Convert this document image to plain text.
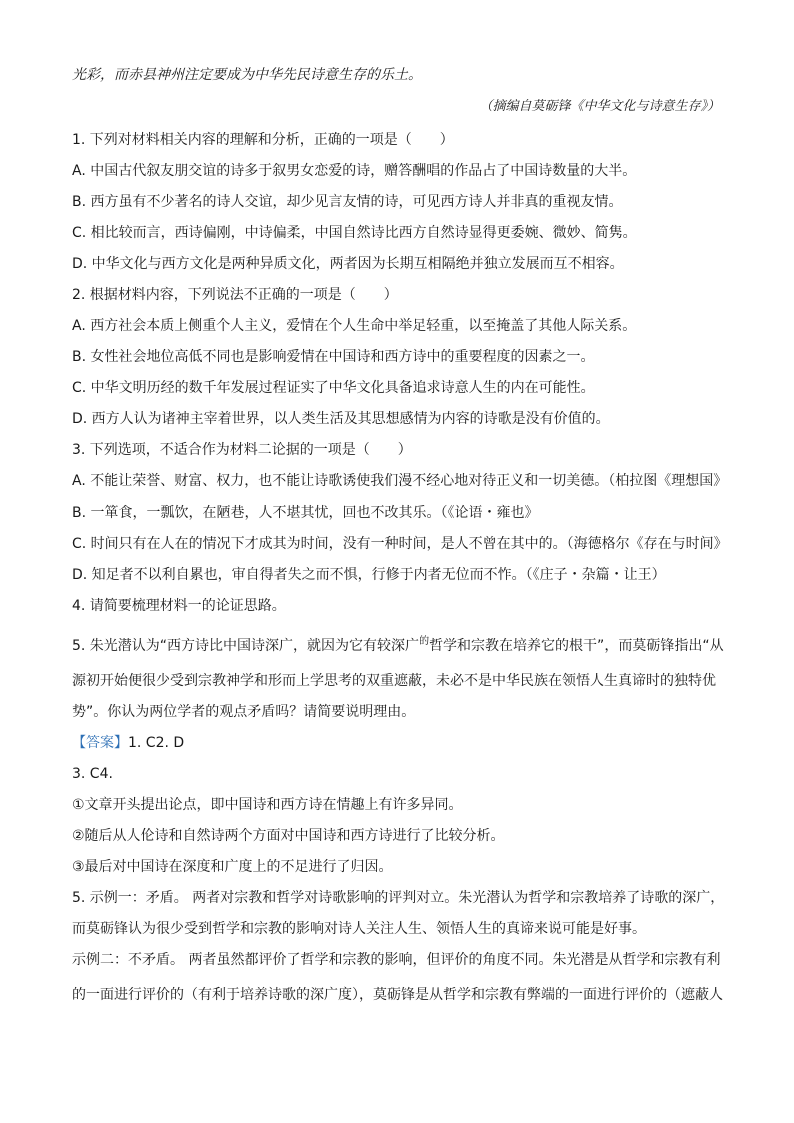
光彩，而赤县神州注定要成为中华先民诗意生存的乐土。
（摘编自莫砺锋《中华文化与诗意生存》）
1. 下列对材料相关内容的理解和分析，正确的一项是（　　）
A. 中国古代叙友朋交谊的诗多于叙男女恋爱的诗，赠答酬唱的作品占了中国诗数量的大半。
B. 西方虽有不少著名的诗人交谊，却少见言友情的诗，可见西方诗人并非真的重视友情。
C. 相比较而言，西诗偏刚，中诗偏柔，中国自然诗比西方自然诗显得更委婉、微妙、简隽。
D. 中华文化与西方文化是两种异质文化，两者因为长期互相隔绝并独立发展而互不相容。
2. 根据材料内容，下列说法不正确的一项是（　　）
A. 西方社会本质上侧重个人主义，爱情在个人生命中举足轻重，以至掩盖了其他人际关系。
B. 女性社会地位高低不同也是影响爱情在中国诗和西方诗中的重要程度的因素之一。
C. 中华文明历经的数千年发展过程证实了中华文化具备追求诗意人生的内在可能性。
D. 西方人认为诸神主宰着世界，以人类生活及其思想感情为内容的诗歌是没有价值的。
3. 下列选项，不适合作为材料二论据的一项是（　　）
A. 不能让荣誉、财富、权力，也不能让诗歌诱使我们漫不经心地对待正义和一切美德。（柏拉图《理想国》
B. 一箪食，一瓢饮，在陋巷，人不堪其忧，回也不改其乐。（《论语・雍也》
C. 时间只有在人在的情况下才成其为时间，没有一种时间，是人不曾在其中的。（海德格尔《存在与时间》
D. 知足者不以利自累也，审自得者失之而不惧，行修于内者无位而不怍。（《庄子・杂篇・让王）
4. 请简要梳理材料一的论证思路。
5. 朱光潜认为“西方诗比中国诗深广，就因为它有较深广$^的$哲学和宗教在培养它的根干”，而莫砺锋指出“从
源初开始便很少受到宗教神学和形而上学思考的双重遮蔽，未必不是中华民族在领悟人生真谛时的独特优
势”。你认为两位学者的观点矛盾吗？请简要说明理由。
【答案】1. C2. D
3. C4.
①文章开头提出论点，即中国诗和西方诗在情趣上有许多异同。
②随后从人伦诗和自然诗两个方面对中国诗和西方诗进行了比较分析。
③最后对中国诗在深度和广度上的不足进行了归因。
5. 示例一：矛盾。 两者对宗教和哲学对诗歌影响的评判对立。朱光潜认为哲学和宗教培养了诗歌的深广，
而莫砺锋认为很少受到哲学和宗教的影响对诗人关注人生、领悟人生的真谛来说可能是好事。
示例二：不矛盾。 两者虽然都评价了哲学和宗教的影响，但评价的角度不同。朱光潜是从哲学和宗教有利
的一面进行评价的（有利于培养诗歌的深广度），莫砺锋是从哲学和宗教有弊端的一面进行评价的（遮蔽人
